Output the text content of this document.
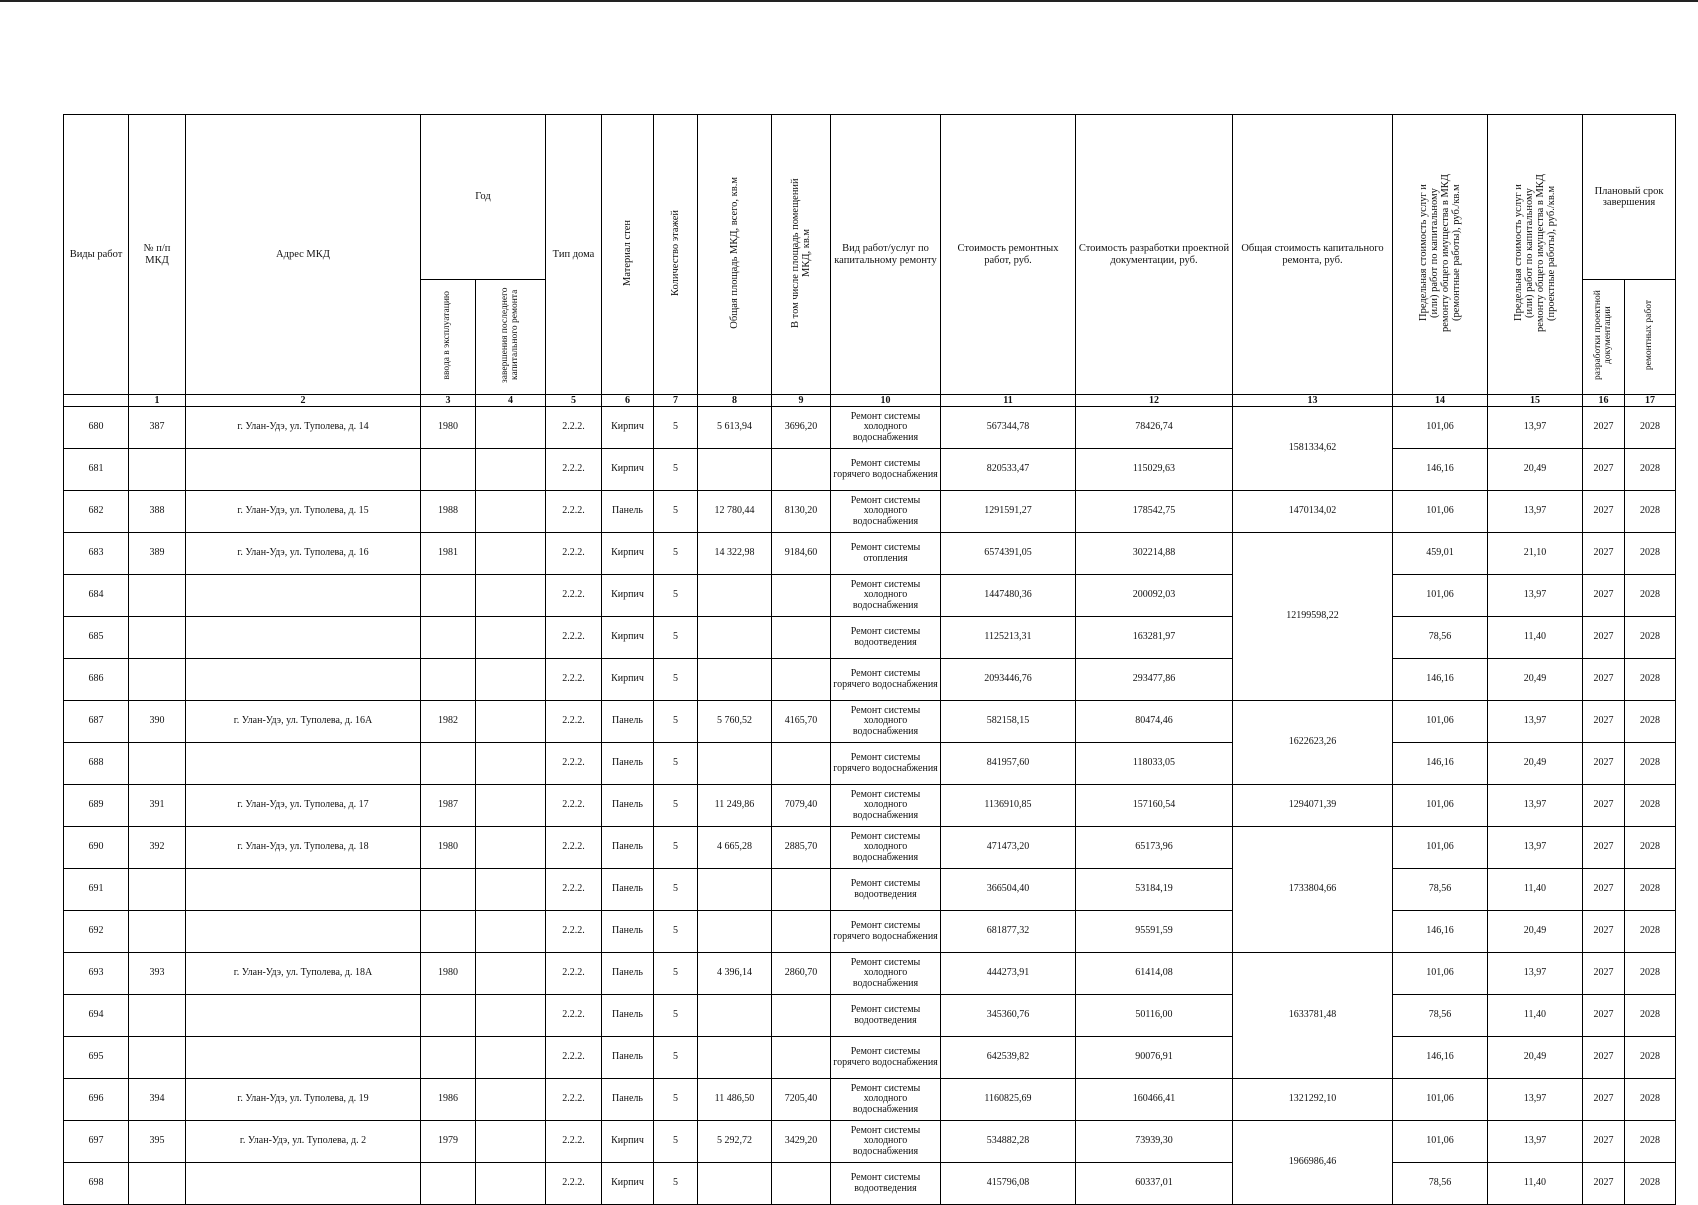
Виды работ	№ п/п МКД	Адрес МКД	Год		Тип дома	Материал стен	Количество этажей	Общая площадь МКД, всего, кв.м	В том числе площадь помещений МКД, кв.м	Вид работ/услуг по капитальному ремонту	Стоимость ремонтных работ, руб.	Стоимость разработки проектной документации, руб.	Общая стоимость капитального ремонта, руб.	Предельная стоимость услуг и (или) работ по капитальному ремонту общего имущества в МКД (ремонтные работы), руб./кв.м	Предельная стоимость услуг и (или) работ по капитальному ремонту общего имущества в МКД (проектные работы), руб./кв.м	Плановый срок завершения	
			ввода в эксплуатацию	завершения последнего капитального ремонта												разработки проектной документации	ремонтных работ
	1	2	3	4	5	6	7	8	9	10	11	12	13	14	15	16	17
680	387	г. Улан-Удэ, ул. Туполева, д. 14	1980		2.2.2.	Кирпич	5	5 613,94	3696,20	Ремонт системы холодного водоснабжения	567344,78	78426,74	1581334,62	101,06	13,97	2027	2028
681					2.2.2.	Кирпич	5			Ремонт системы горячего водоснабжения	820533,47	115029,63		146,16	20,49	2027	2028
682	388	г. Улан-Удэ, ул. Туполева, д. 15	1988		2.2.2.	Панель	5	12 780,44	8130,20	Ремонт системы холодного водоснабжения	1291591,27	178542,75	1470134,02	101,06	13,97	2027	2028
683	389	г. Улан-Удэ, ул. Туполева, д. 16	1981		2.2.2.	Кирпич	5	14 322,98	9184,60	Ремонт системы отопления	6574391,05	302214,88	12199598,22	459,01	21,10	2027	2028
684					2.2.2.	Кирпич	5			Ремонт системы холодного водоснабжения	1447480,36	200092,03		101,06	13,97	2027	2028
685					2.2.2.	Кирпич	5			Ремонт системы водоотведения	1125213,31	163281,97		78,56	11,40	2027	2028
686					2.2.2.	Кирпич	5			Ремонт системы горячего водоснабжения	2093446,76	293477,86		146,16	20,49	2027	2028
687	390	г. Улан-Удэ, ул. Туполева, д. 16А	1982		2.2.2.	Панель	5	5 760,52	4165,70	Ремонт системы холодного водоснабжения	582158,15	80474,46	1622623,26	101,06	13,97	2027	2028
688					2.2.2.	Панель	5			Ремонт системы горячего водоснабжения	841957,60	118033,05		146,16	20,49	2027	2028
689	391	г. Улан-Удэ, ул. Туполева, д. 17	1987		2.2.2.	Панель	5	11 249,86	7079,40	Ремонт системы холодного водоснабжения	1136910,85	157160,54	1294071,39	101,06	13,97	2027	2028
690	392	г. Улан-Удэ, ул. Туполева, д. 18	1980		2.2.2.	Панель	5	4 665,28	2885,70	Ремонт системы холодного водоснабжения	471473,20	65173,96	1733804,66	101,06	13,97	2027	2028
691					2.2.2.	Панель	5			Ремонт системы водоотведения	366504,40	53184,19		78,56	11,40	2027	2028
692					2.2.2.	Панель	5			Ремонт системы горячего водоснабжения	681877,32	95591,59		146,16	20,49	2027	2028
693	393	г. Улан-Удэ, ул. Туполева, д. 18А	1980		2.2.2.	Панель	5	4 396,14	2860,70	Ремонт системы холодного водоснабжения	444273,91	61414,08	1633781,48	101,06	13,97	2027	2028
694					2.2.2.	Панель	5			Ремонт системы водоотведения	345360,76	50116,00		78,56	11,40	2027	2028
695					2.2.2.	Панель	5			Ремонт системы горячего водоснабжения	642539,82	90076,91		146,16	20,49	2027	2028
696	394	г. Улан-Удэ, ул. Туполева, д. 19	1986		2.2.2.	Панель	5	11 486,50	7205,40	Ремонт системы холодного водоснабжения	1160825,69	160466,41	1321292,10	101,06	13,97	2027	2028
697	395	г. Улан-Удэ, ул. Туполева, д. 2	1979		2.2.2.	Кирпич	5	5 292,72	3429,20	Ремонт системы холодного водоснабжения	534882,28	73939,30	1966986,46	101,06	13,97	2027	2028
698					2.2.2.	Кирпич	5			Ремонт системы водоотведения	415796,08	60337,01		78,56	11,40	2027	2028
